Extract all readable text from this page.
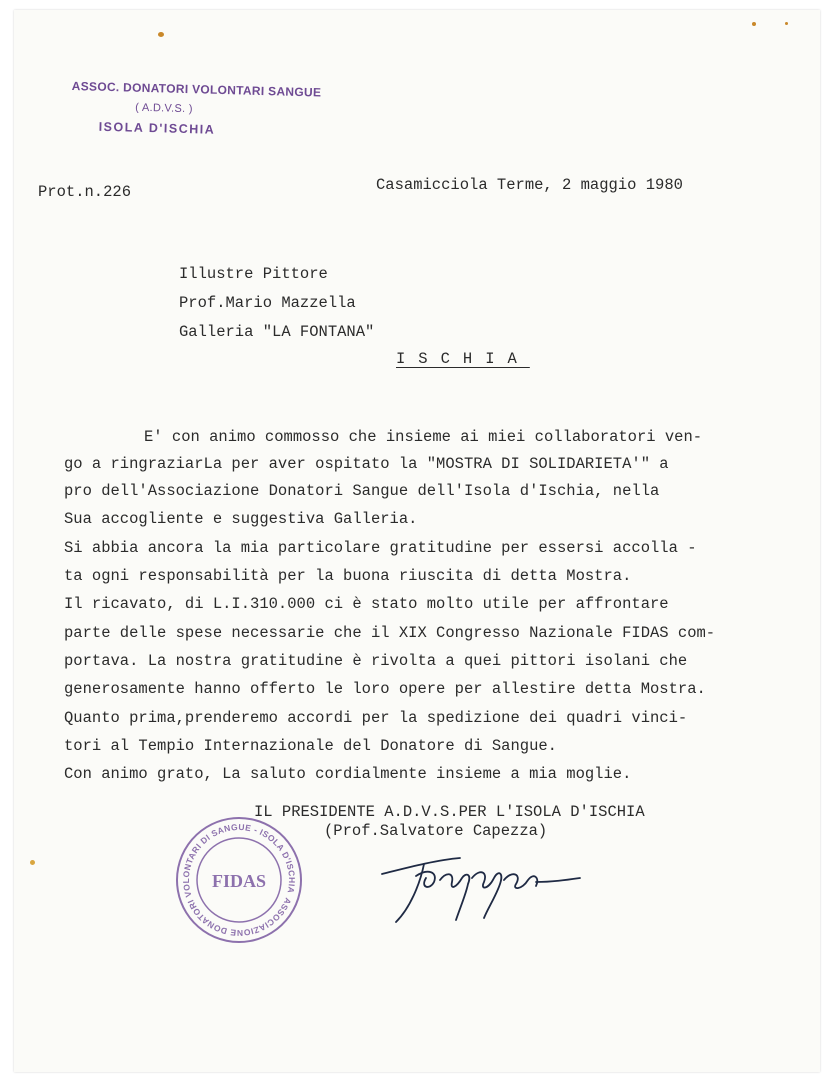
ASSOC. DONATORI VOLONTARI SANGUE
( A.D.V.S. )
ISOLA D'ISCHIA
Prot.n.226	Casamicciola Terme, 2 maggio 1980
Illustre Pittore
Prof.Mario Mazzella
Galleria "LA FONTANA"
ISCHIA
E' con animo commosso che insieme ai miei collaboratori ven-
go a ringraziarLa per aver ospitato la "MOSTRA DI SOLIDARIETA'" a
pro dell'Associazione Donatori Sangue dell'Isola d'Ischia, nella
Sua accogliente e suggestiva Galleria.
Si abbia ancora la mia particolare gratitudine per essersi accolla -
ta ogni responsabilità per la buona riuscita di detta Mostra.
Il ricavato, di L.I.310.000 ci è stato molto utile per affrontare
parte delle spese necessarie che il XIX Congresso Nazionale FIDAS com-
portava. La nostra gratitudine è rivolta a quei pittori isolani che
generosamente hanno offerto le loro opere per allestire detta Mostra.
Quanto prima,prenderemo accordi per la spedizione dei quadri vinci-
tori al Tempio Internazionale del Donatore di Sangue.
Con animo grato, La saluto cordialmente insieme a mia moglie.
IL PRESIDENTE A.D.V.S.PER L'ISOLA D'ISCHIA
(Prof.Salvatore Capezza)
ASSOCIAZIONE DONATORI VOLONTARI DI SANGUE - ISOLA D'ISCHIA
FIDAS
